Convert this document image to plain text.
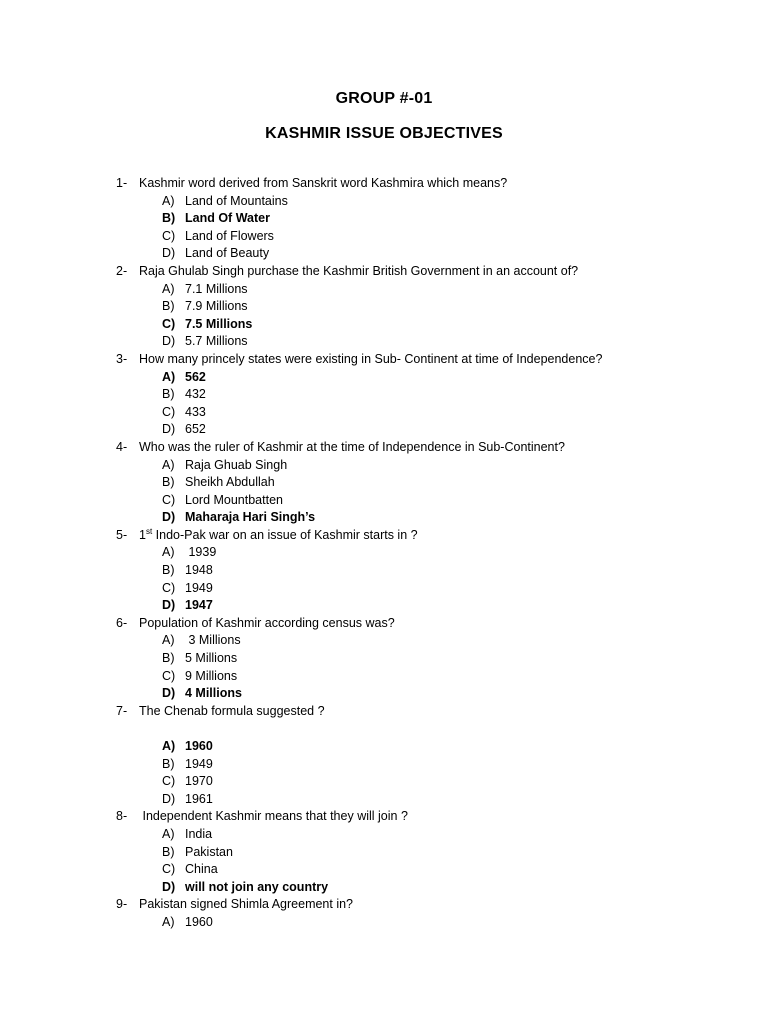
GROUP #-01
KASHMIR ISSUE OBJECTIVES
1- Kashmir word derived from Sanskrit word Kashmira which means?
A) Land of Mountains
B) Land Of Water
C) Land of Flowers
D) Land of Beauty
2- Raja Ghulab Singh purchase the Kashmir British Government in an account of?
A) 7.1 Millions
B) 7.9 Millions
C) 7.5 Millions
D) 5.7 Millions
3- How many princely states were existing in Sub- Continent at time of Independence?
A) 562
B) 432
C) 433
D) 652
4- Who was the ruler of Kashmir at the time of Independence in Sub-Continent?
A) Raja Ghuab Singh
B) Sheikh Abdullah
C) Lord Mountbatten
D) Maharaja Hari Singh’s
5- 1st Indo-Pak war on an issue of Kashmir starts in ?
A) 1939
B) 1948
C) 1949
D) 1947
6- Population of Kashmir according census was?
A) 3 Millions
B) 5 Millions
C) 9 Millions
D) 4 Millions
7- The Chenab formula suggested ?
A) 1960
B) 1949
C) 1970
D) 1961
8- Independent Kashmir means that they will join ?
A) India
B) Pakistan
C) China
D) will not join any country
9- Pakistan signed Shimla Agreement in?
A) 1960
